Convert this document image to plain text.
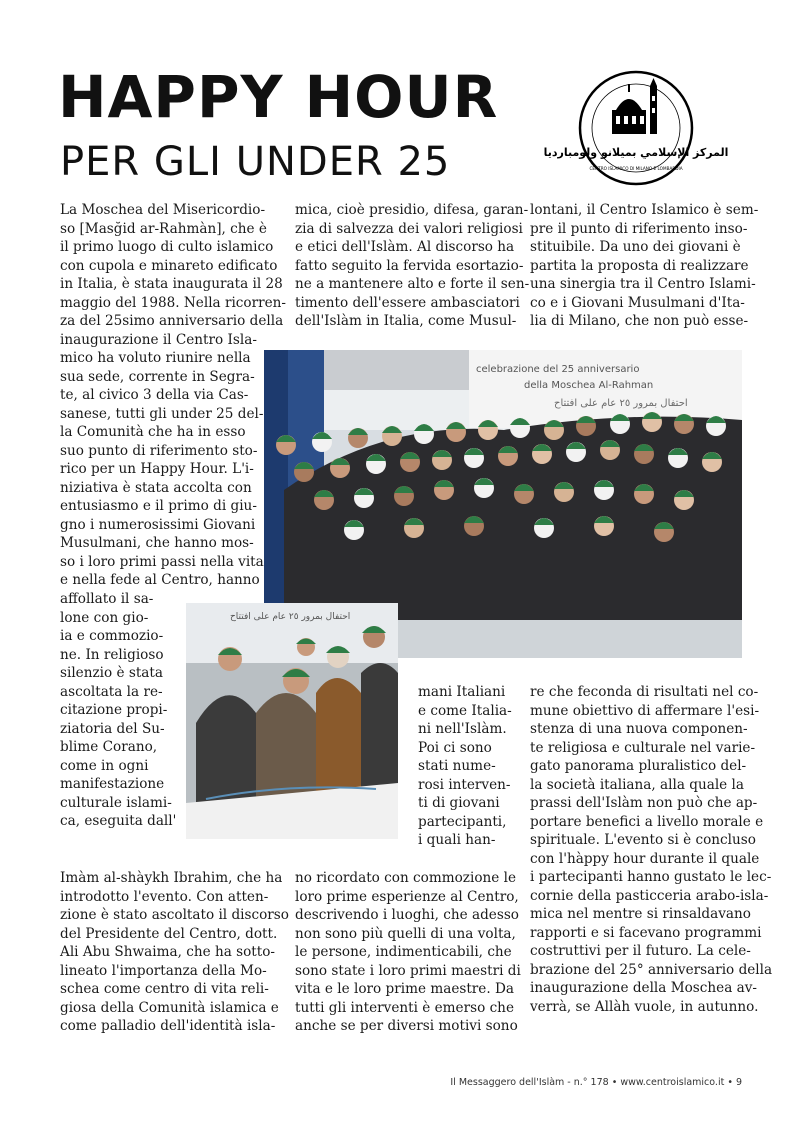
HAPPY HOUR
PER GLI UNDER 25	المركز الإسلامي بميلانو ولومبارديا
CENTRO ISLAMICO DI MILANO E LOMBARDIA
La Moschea del Misericordio-
so [Masğid ar-Rahmàn], che è
il primo luogo di culto islamico
con cupola e minareto edificato
in Italia, è stata inaugurata il 28
maggio del 1988. Nella ricorren-
za del 25simo anniversario della
inaugurazione il Centro Isla-
mico ha voluto riunire nella
sua sede, corrente in Segra-
te, al civico 3 della via Cas-
sanese, tutti gli under 25 del-
la Comunità che ha in esso
suo punto di riferimento sto-
rico per un Happy Hour. L'i-
niziativa è stata accolta con
entusiasmo e il primo di giu-
gno i numerosissimi Giovani
Musulmani, che hanno mos-
so i loro primi passi nella vita
e nella fede al Centro, hanno
affollato il sa-
lone con gio-
ia e commozio-
ne. In religioso
silenzio è stata
ascoltata la re-
citazione propi-
ziatoria del Su-
blime Corano,
come in ogni
manifestazione
culturale islami-
ca, eseguita dall'
Imàm al-shàykh Ibrahim, che ha
introdotto l'evento. Con atten-
zione è stato ascoltato il discorso
del Presidente del Centro, dott.
Ali Abu Shwaima, che ha sotto-
lineato l'importanza della Mo-
schea come centro di vita reli-
giosa della Comunità islamica e
come palladio dell'identità isla-
mica, cioè presidio, difesa, garan-
zia di salvezza dei valori religiosi
e etici dell'Islàm. Al discorso ha
fatto seguito la fervida esortazio-
ne a mantenere alto e forte il sen-
timento dell'essere ambasciatori
dell'Islàm in Italia, come Musul-
mani Italiani
e come Italia-
ni nell'Islàm.
Poi ci sono
stati nume-
rosi interven-
ti di giovani
partecipanti,
i quali han-
no ricordato con commozione le
loro prime esperienze al Centro,
descrivendo i luoghi, che adesso
non sono più quelli di una volta,
le persone, indimenticabili, che
sono state i loro primi maestri di
vita e le loro prime maestre. Da
tutti gli interventi è emerso che
anche se per diversi motivi sono
lontani, il Centro Islamico è sem-
pre il punto di riferimento inso-
stituibile. Da uno dei giovani è
partita la proposta di realizzare
una sinergia tra il Centro Islami-
co e i Giovani Musulmani d'Ita-
lia di Milano, che non può esse-
re che feconda di risultati nel co-
mune obiettivo di affermare l'esi-
stenza di una nuova componen-
te religiosa e culturale nel varie-
gato panorama pluralistico del-
la società italiana, alla quale la
prassi dell'Islàm non può che ap-
portare benefici a livello morale e
spirituale. L'evento si è concluso
con l'hàppy hour durante il quale
i partecipanti hanno gustato le lec-
cornie della pasticceria arabo-isla-
mica nel mentre si rinsaldavano
rapporti e si facevano programmi
costruttivi per il futuro. La cele-
brazione del 25° anniversario della
inaugurazione della Moschea av-
verrà, se Allàh vuole, in autunno.
celebrazione del 25 anniversario
della Moschea Al-Rahman
احتفال بمرور ٢٥ عام على افتتاح
احتفال بمرور ٢٥ عام على افتتاح
Il Messaggero dell'Islàm - n.° 178 • www.centroislamico.it • 9
